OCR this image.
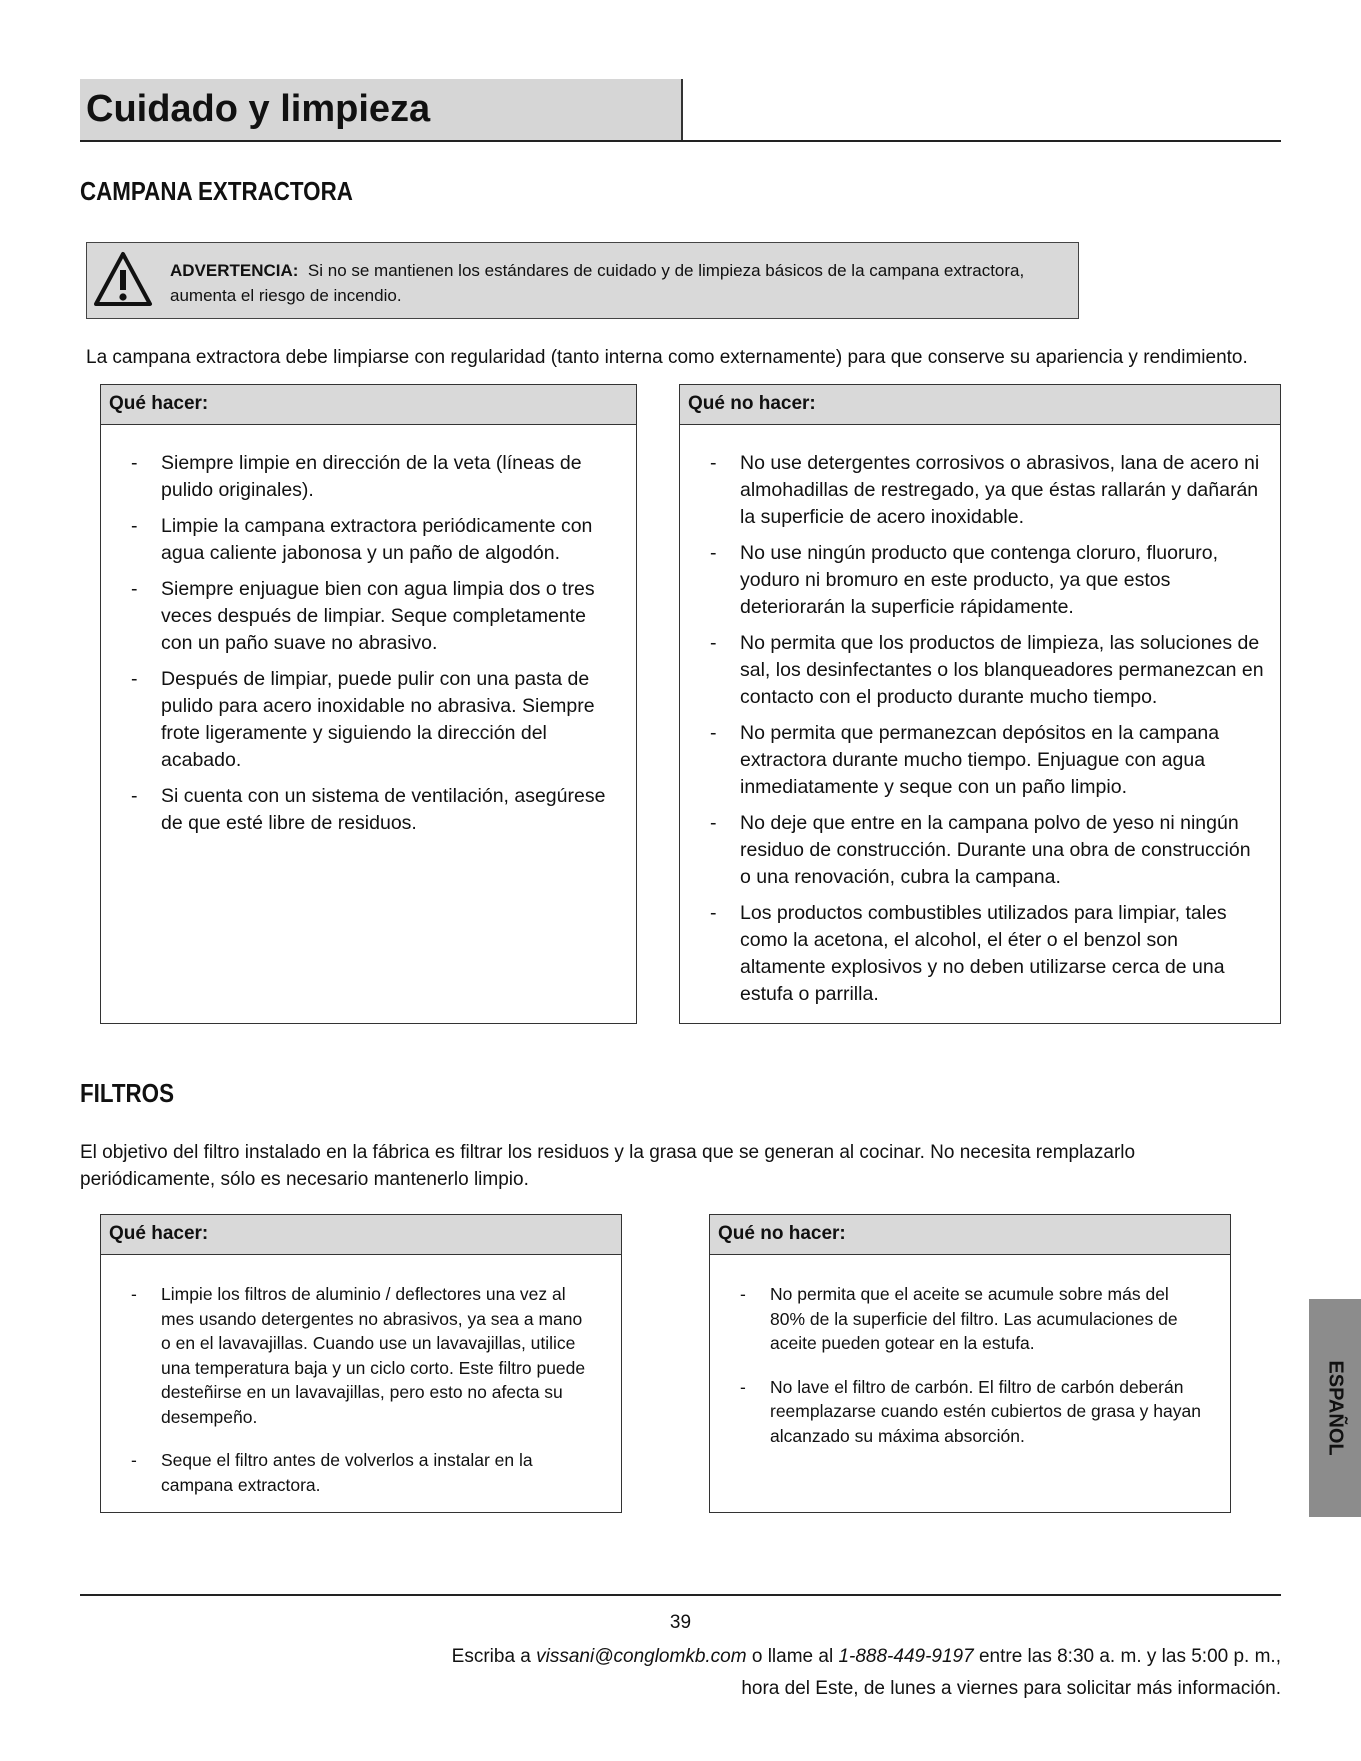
Cuidado y limpieza
CAMPANA EXTRACTORA
ADVERTENCIA: Si no se mantienen los estándares de cuidado y de limpieza básicos de la campana extractora, aumenta el riesgo de incendio.
La campana extractora debe limpiarse con regularidad (tanto interna como externamente) para que conserve su apariencia y rendimiento.
Qué hacer:
- Siempre limpie en dirección de la veta (líneas de pulido originales).
- Limpie la campana extractora periódicamente con agua caliente jabonosa y un paño de algodón.
- Siempre enjuague bien con agua limpia dos o tres veces después de limpiar. Seque completamente con un paño suave no abrasivo.
- Después de limpiar, puede pulir con una pasta de pulido para acero inoxidable no abrasiva. Siempre frote ligeramente y siguiendo la dirección del acabado.
- Si cuenta con un sistema de ventilación, asegúrese de que esté libre de residuos.
Qué no hacer:
- No use detergentes corrosivos o abrasivos, lana de acero ni almohadillas de restregado, ya que éstas rallarán y dañarán la superficie de acero inoxidable.
- No use ningún producto que contenga cloruro, fluoruro, yoduro ni bromuro en este producto, ya que estos deteriorarán la superficie rápidamente.
- No permita que los productos de limpieza, las soluciones de sal, los desinfectantes o los blanqueadores permanezcan en contacto con el producto durante mucho tiempo.
- No permita que permanezcan depósitos en la campana extractora durante mucho tiempo. Enjuague con agua inmediatamente y seque con un paño limpio.
- No deje que entre en la campana polvo de yeso ni ningún residuo de construcción. Durante una obra de construcción o una renovación, cubra la campana.
- Los productos combustibles utilizados para limpiar, tales como la acetona, el alcohol, el éter o el benzol son altamente explosivos y no deben utilizarse cerca de una estufa o parrilla.
FILTROS
El objetivo del filtro instalado en la fábrica es filtrar los residuos y la grasa que se generan al cocinar. No necesita remplazarlo periódicamente, sólo es necesario mantenerlo limpio.
Qué hacer:
- Limpie los filtros de aluminio / deflectores una vez al mes usando detergentes no abrasivos, ya sea a mano o en el lavavajillas. Cuando use un lavavajillas, utilice una temperatura baja y un ciclo corto. Este filtro puede desteñirse en un lavavajillas, pero esto no afecta su desempeño.
- Seque el filtro antes de volverlos a instalar en la campana extractora.
Qué no hacer:
- No permita que el aceite se acumule sobre más del 80% de la superficie del filtro. Las acumulaciones de aceite pueden gotear en la estufa.
- No lave el filtro de carbón. El filtro de carbón deberán reemplazarse cuando estén cubiertos de grasa y hayan alcanzado su máxima absorción.	ESPAÑOL
39
Escriba a vissani@conglomkb.com o llame al 1-888-449-9197 entre las 8:30 a. m. y las 5:00 p. m.,
hora del Este, de lunes a viernes para solicitar más información.
